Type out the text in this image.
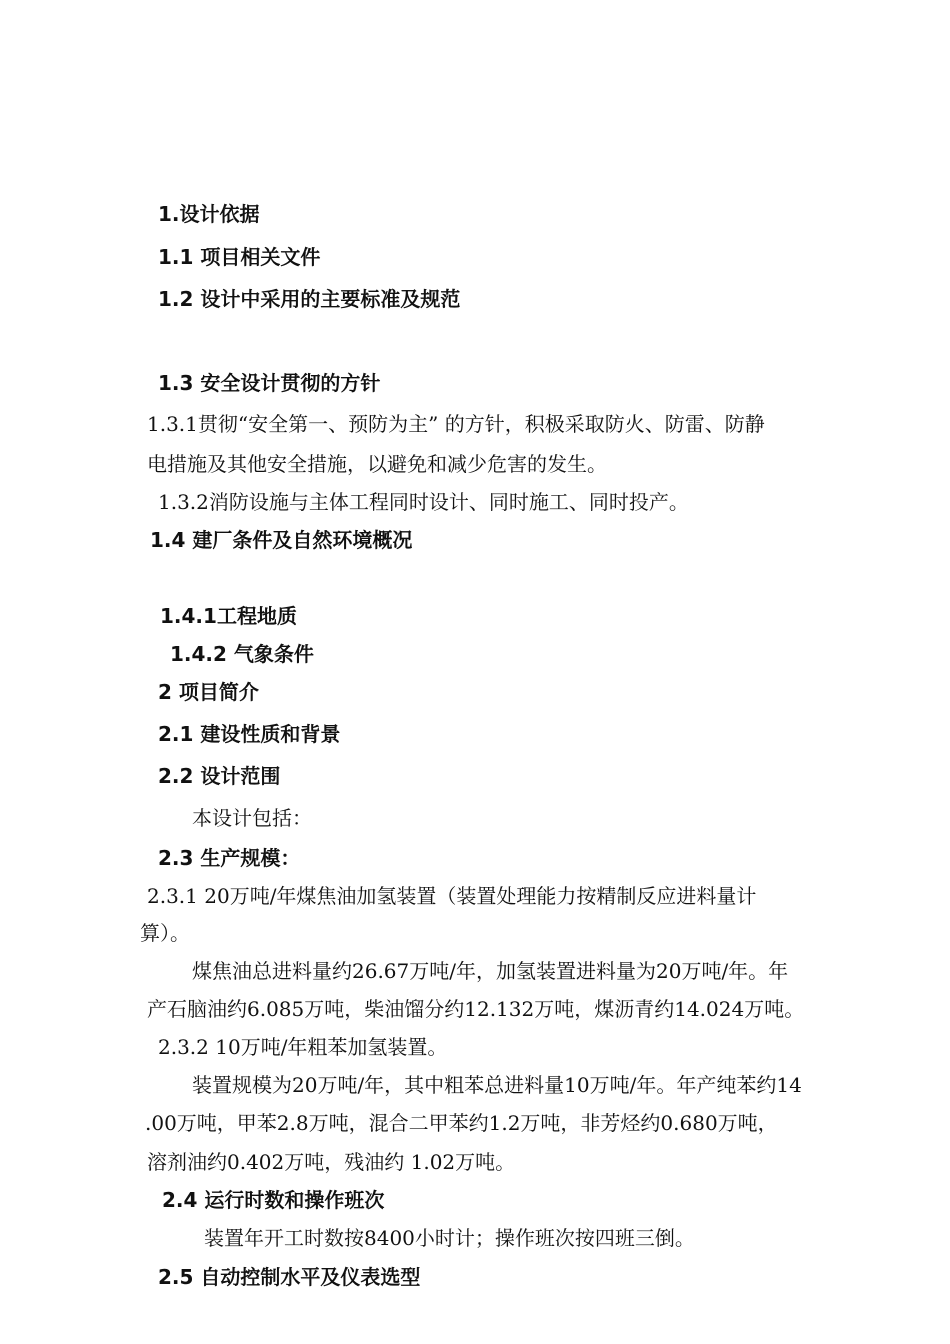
1.设计依据
1.1 项目相关文件
1.2 设计中采用的主要标准及规范
1.3 安全设计贯彻的方针
1.3.1贯彻“安全第一、预防为主” 的方针，积极采取防火、防雷、防静
电措施及其他安全措施，以避免和减少危害的发生。
1.3.2消防设施与主体工程同时设计、同时施工、同时投产。
1.4 建厂条件及自然环境概况
1.4.1工程地质
1.4.2 气象条件
2 项目简介
2.1 建设性质和背景
2.2 设计范围
本设计包括：
2.3 生产规模：
2.3.1 20万吨/年煤焦油加氢装置（装置处理能力按精制反应进料量计
算）。
煤焦油总进料量约26.67万吨/年，加氢装置进料量为20万吨/年。年
产石脑油约6.085万吨，柴油馏分约12.132万吨，煤沥青约14.024万吨。
2.3.2 10万吨/年粗苯加氢装置。
装置规模为20万吨/年，其中粗苯总进料量10万吨/年。年产纯苯约14
.00万吨，甲苯2.8万吨，混合二甲苯约1.2万吨，非芳烃约0.680万吨，
溶剂油约0.402万吨，残油约 1.02万吨。
2.4 运行时数和操作班次
装置年开工时数按8400小时计；操作班次按四班三倒。
2.5 自动控制水平及仪表选型
